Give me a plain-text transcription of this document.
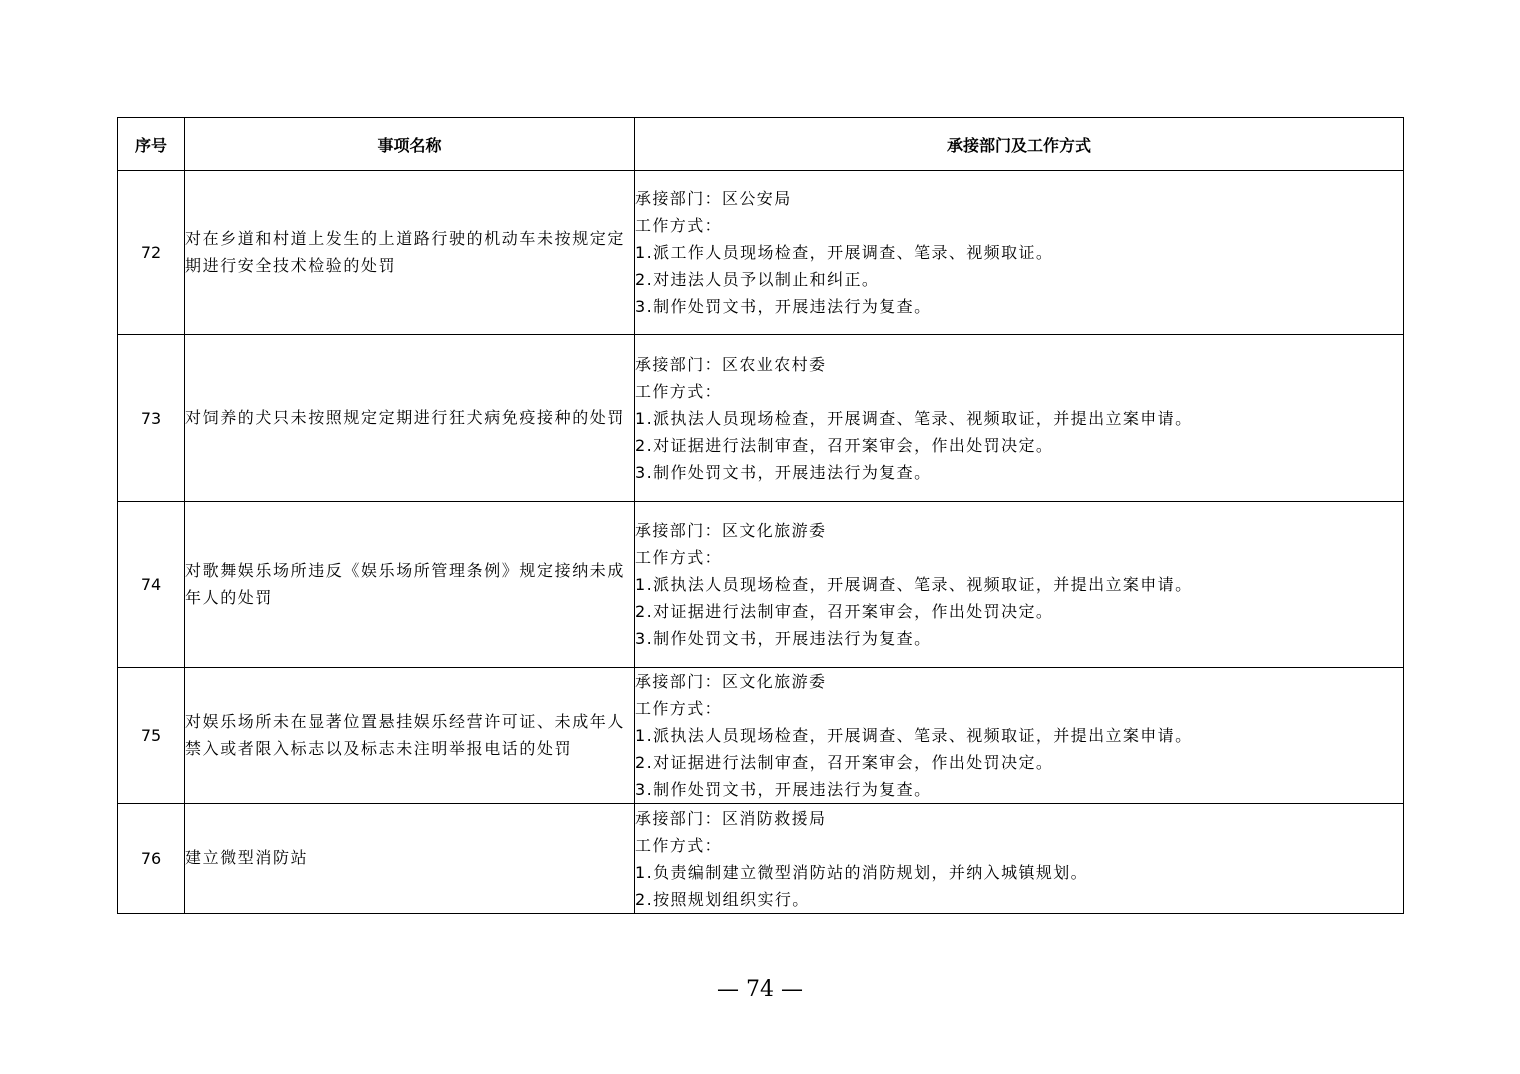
序号	事项名称	承接部门及工作方式
72	对在乡道和村道上发生的上道路行驶的机动车未按规定定期进行安全技术检验的处罚	承接部门：区公安局
工作方式：
1.派工作人员现场检查，开展调查、笔录、视频取证。
2.对违法人员予以制止和纠正。
3.制作处罚文书，开展违法行为复查。

73	对饲养的犬只未按照规定定期进行狂犬病免疫接种的处罚	承接部门：区农业农村委
工作方式：
1.派执法人员现场检查，开展调查、笔录、视频取证，并提出立案申请。
2.对证据进行法制审查，召开案审会，作出处罚决定。
3.制作处罚文书，开展违法行为复查。

74	对歌舞娱乐场所违反《娱乐场所管理条例》规定接纳未成年人的处罚	承接部门：区文化旅游委
工作方式：
1.派执法人员现场检查，开展调查、笔录、视频取证，并提出立案申请。
2.对证据进行法制审查，召开案审会，作出处罚决定。
3.制作处罚文书，开展违法行为复查。

75	对娱乐场所未在显著位置悬挂娱乐经营许可证、未成年人禁入或者限入标志以及标志未注明举报电话的处罚	承接部门：区文化旅游委
工作方式：
1.派执法人员现场检查，开展调查、笔录、视频取证，并提出立案申请。
2.对证据进行法制审查，召开案审会，作出处罚决定。
3.制作处罚文书，开展违法行为复查。

76	建立微型消防站	承接部门：区消防救援局
工作方式：
1.负责编制建立微型消防站的消防规划，并纳入城镇规划。
2.按照规划组织实行。
— 74 —
